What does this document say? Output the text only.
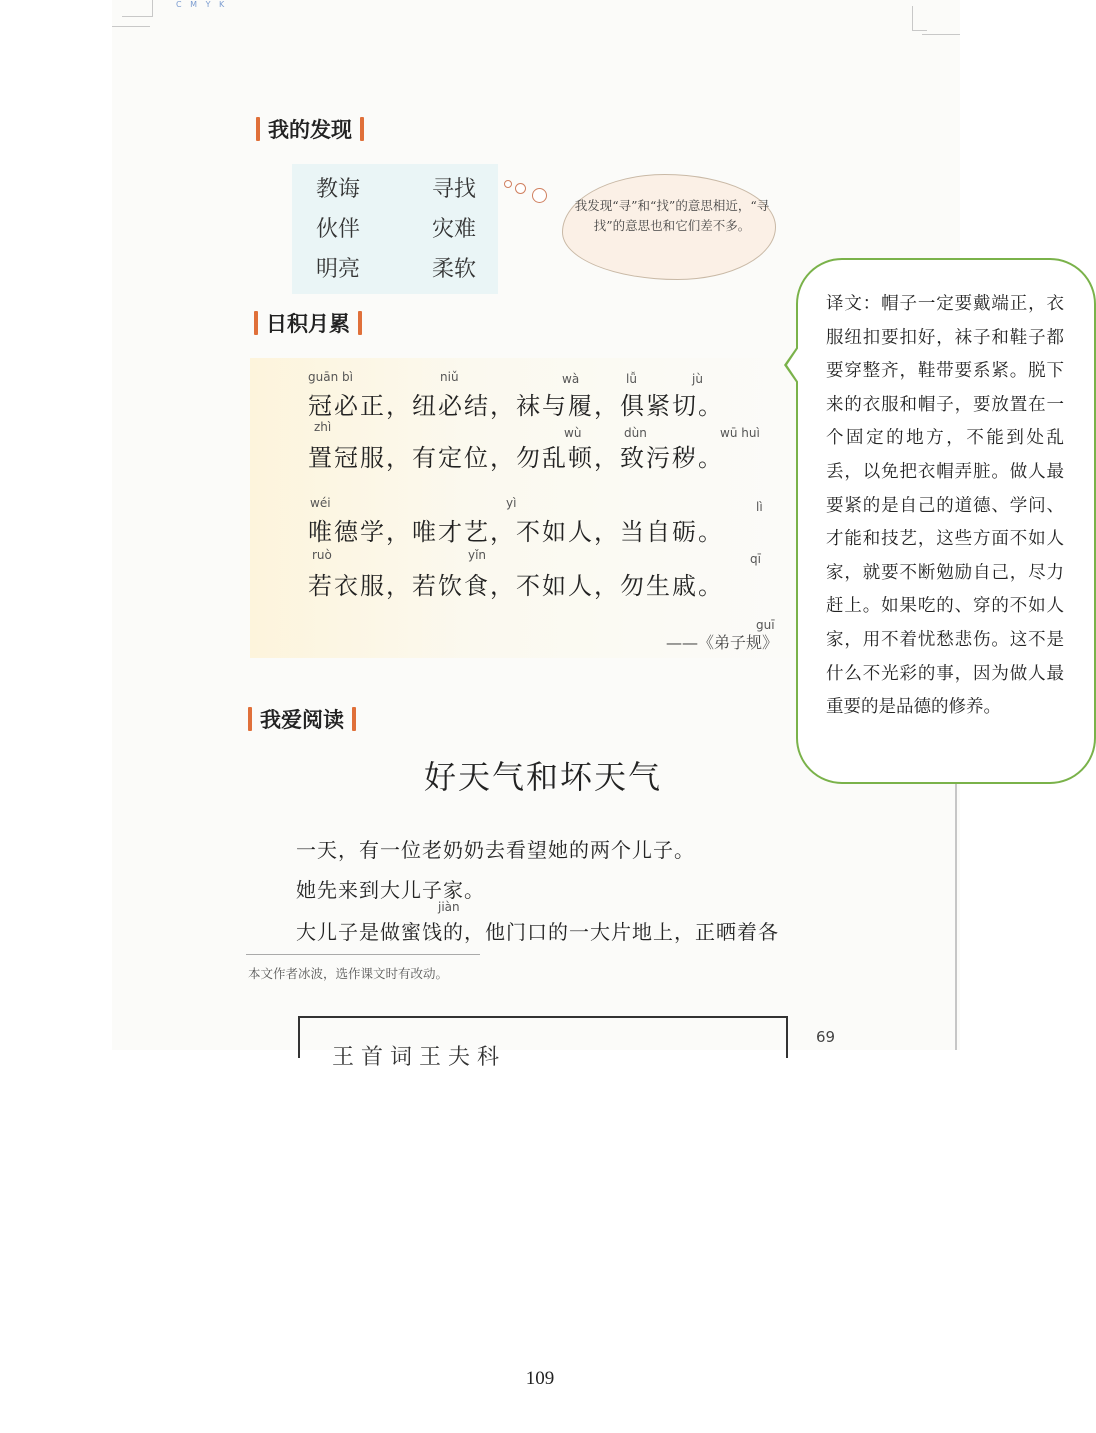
C M Y K
我的发现
教诲	寻找
伙伴	灾难
明亮	柔软
我发现“寻”和“找”的意思相近，“寻找”的意思也和它们差不多。
日积月累
guān bì	niǔ	wà	lǚ	jù
冠必正，纽必结，袜与履，俱紧切。
zhì	wù	dùn	wū huì
置冠服，有定位，勿乱顿，致污秽。
wéi	yì	lì
唯德学，唯才艺，不如人，当自砺。
ruò	yǐn	qī
若衣服，若饮食，不如人，勿生戚。
guī
——《弟子规》
我爱阅读
好天气和坏天气
一天，有一位老奶奶去看望她的两个儿子。
她先来到大儿子家。
jiàn
大儿子是做蜜饯的，他门口的一大片地上，正晒着各
本文作者冰波，选作课文时有改动。
王 首 词 王 夫 科
69
译文：帽子一定要戴端正，衣服纽扣要扣好，袜子和鞋子都要穿整齐，鞋带要系紧。脱下来的衣服和帽子，要放置在一个固定的地方，不能到处乱丢，以免把衣帽弄脏。做人最要紧的是自己的道德、学问、才能和技艺，这些方面不如人家，就要不断勉励自己，尽力赶上。如果吃的、穿的不如人家，用不着忧愁悲伤。这不是什么不光彩的事，因为做人最重要的是品德的修养。
109
